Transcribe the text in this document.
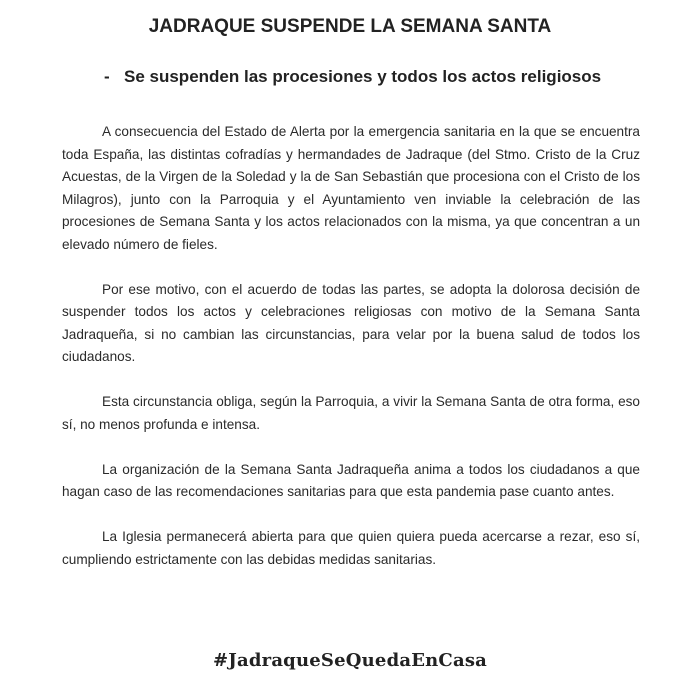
JADRAQUE SUSPENDE LA SEMANA SANTA

- Se suspenden las procesiones y todos los actos religiosos

A consecuencia del Estado de Alerta por la emergencia sanitaria en la que se encuentra toda España, las distintas cofradías y hermandades de Jadraque (del Stmo. Cristo de la Cruz Acuestas, de la Virgen de la Soledad y la de San Sebastián que procesiona con el Cristo de los Milagros), junto con la Parroquia y el Ayuntamiento ven inviable la celebración de las procesiones de Semana Santa y los actos relacionados con la misma, ya que concentran a un elevado número de fieles.

Por ese motivo, con el acuerdo de todas las partes, se adopta la dolorosa decisión de suspender todos los actos y celebraciones religiosas con motivo de la Semana Santa Jadraqueña, si no cambian las circunstancias, para velar por la buena salud de todos los ciudadanos.

Esta circunstancia obliga, según la Parroquia, a vivir la Semana Santa de otra forma, eso sí, no menos profunda e intensa.

La organización de la Semana Santa Jadraqueña anima a todos los ciudadanos a que hagan caso de las recomendaciones sanitarias para que esta pandemia pase cuanto antes.

La Iglesia permanecerá abierta para que quien quiera pueda acercarse a rezar, eso sí, cumpliendo estrictamente con las debidas medidas sanitarias.

#JadraqueSeQuedaEnCasa
